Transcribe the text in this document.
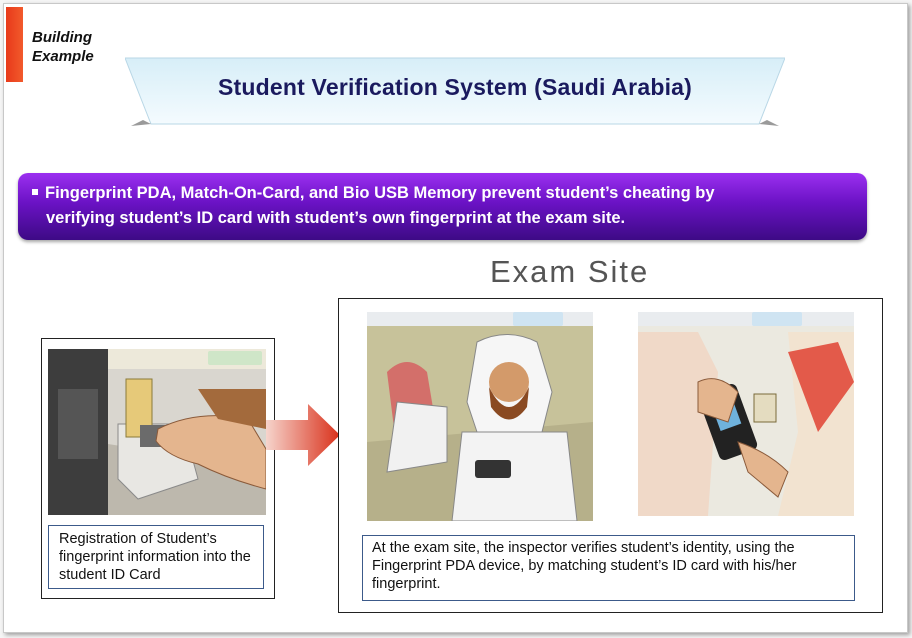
Building Example
Student Verification System (Saudi Arabia)
Fingerprint PDA, Match-On-Card, and Bio USB Memory prevent student’s cheating by
verifying student’s ID card with student’s own fingerprint at the exam site.
Exam Site
Registration of Student’s fingerprint information into the student ID Card
At the exam site, the inspector verifies student’s identity, using the Fingerprint PDA device, by matching student’s ID card with his/her fingerprint.
